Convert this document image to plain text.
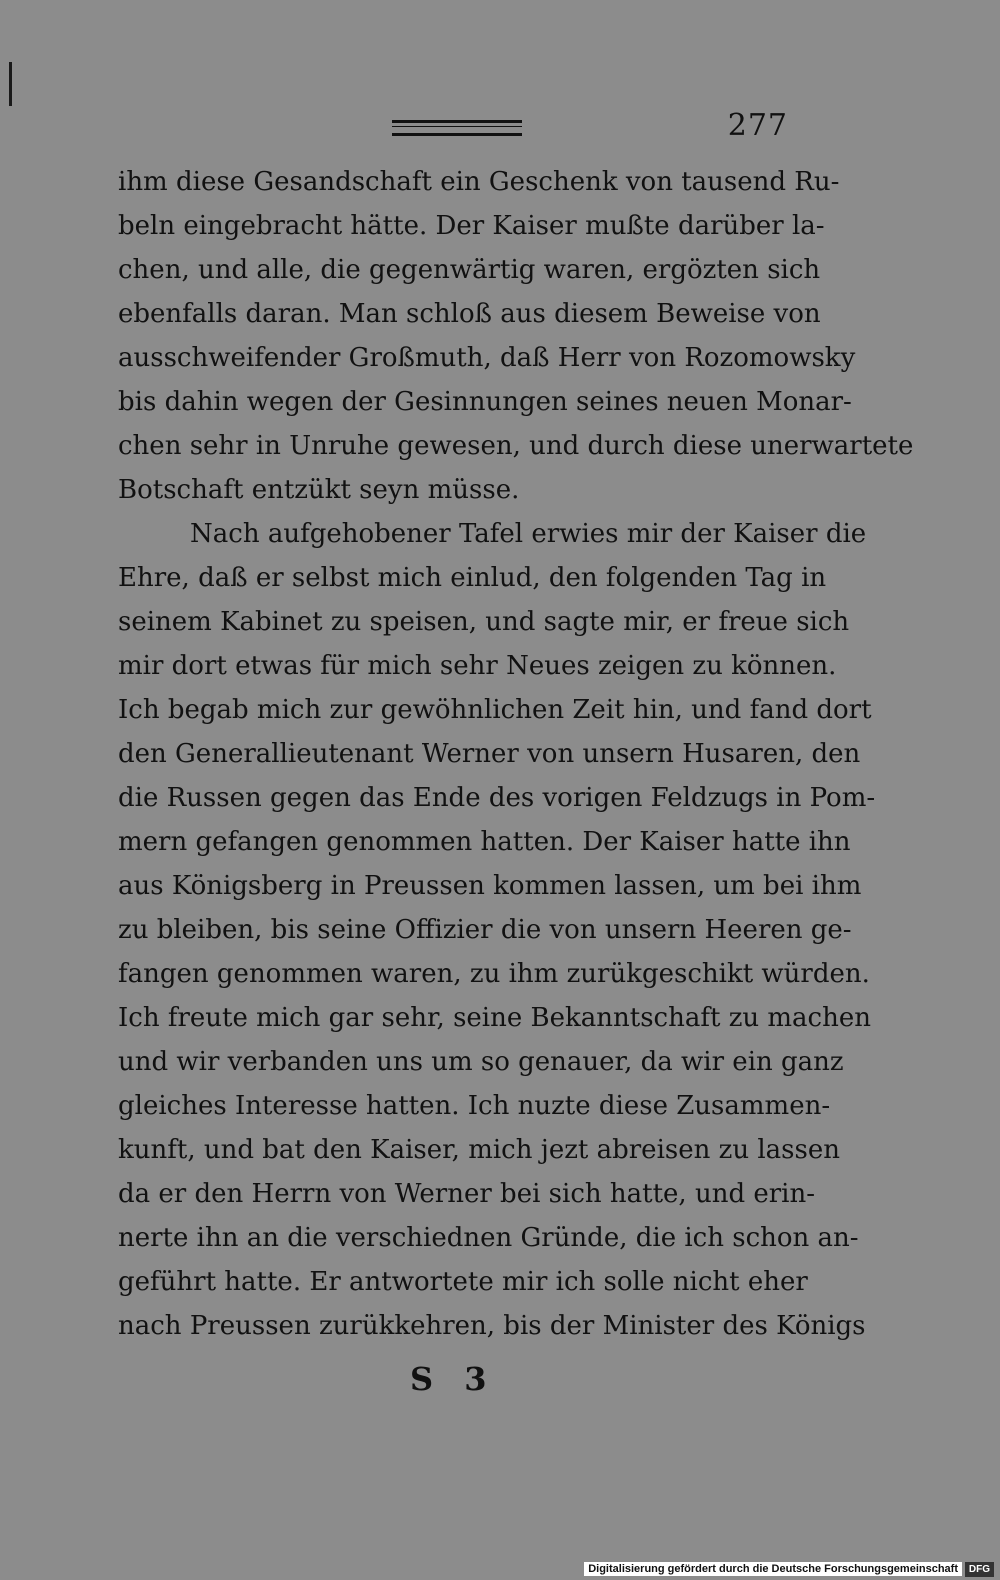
277
ihm diese Gesandschaft ein Geschenk von tausend Ru-
beln eingebracht hätte. Der Kaiser mußte darüber la-
chen, und alle, die gegenwärtig waren, ergözten sich
ebenfalls daran. Man schloß aus diesem Beweise von
ausschweifender Großmuth, daß Herr von Rozomowsky
bis dahin wegen der Gesinnungen seines neuen Monar-
chen sehr in Unruhe gewesen, und durch diese unerwartete
Botschaft entzükt seyn müsse.
Nach aufgehobener Tafel erwies mir der Kaiser die
Ehre, daß er selbst mich einlud, den folgenden Tag in
seinem Kabinet zu speisen, und sagte mir, er freue sich
mir dort etwas für mich sehr Neues zeigen zu können.
Ich begab mich zur gewöhnlichen Zeit hin, und fand dort
den Generallieutenant Werner von unsern Husaren, den
die Russen gegen das Ende des vorigen Feldzugs in Pom-
mern gefangen genommen hatten. Der Kaiser hatte ihn
aus Königsberg in Preussen kommen lassen, um bei ihm
zu bleiben, bis seine Offizier die von unsern Heeren ge-
fangen genommen waren, zu ihm zurükgeschikt würden.
Ich freute mich gar sehr, seine Bekanntschaft zu machen
und wir verbanden uns um so genauer, da wir ein ganz
gleiches Interesse hatten. Ich nuzte diese Zusammen-
kunft, und bat den Kaiser, mich jezt abreisen zu lassen
da er den Herrn von Werner bei sich hatte, und erin-
nerte ihn an die verschiednen Gründe, die ich schon an-
geführt hatte. Er antwortete mir ich solle nicht eher
nach Preussen zurükkehren, bis der Minister des Königs
S 3
Digitalisierung gefördert durch die Deutsche Forschungsgemeinschaft	DFG
